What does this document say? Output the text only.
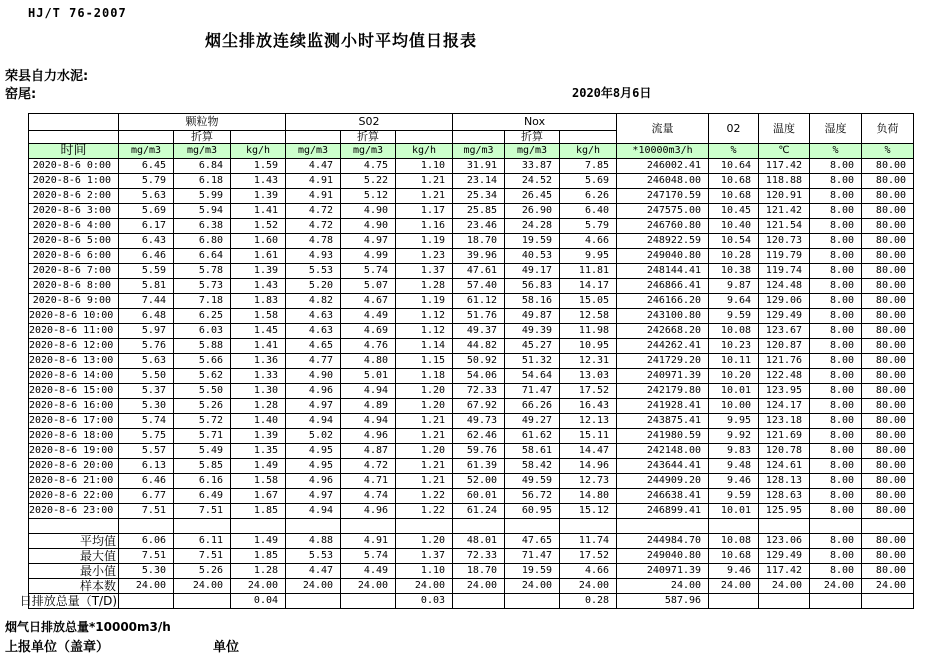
HJ/T 76-2007
烟尘排放连续监测小时平均值日报表
荣县自力水泥:
窑尾:	2020年8月6日
	颗粒物			S02			Nox			流量	02	温度	湿度	负荷
		折算			折算			折算						
时间	mg/m3	mg/m3	kg/h	mg/m3	mg/m3	kg/h	mg/m3	mg/m3	kg/h	*10000m3/h	%	℃	%	%
2020-8-6 0:00	6.45	6.84	1.59	4.47	4.75	1.10	31.91	33.87	7.85	246002.41	10.64	117.42	8.00	80.00
2020-8-6 1:00	5.79	6.18	1.43	4.91	5.22	1.21	23.14	24.52	5.69	246048.00	10.68	118.88	8.00	80.00
2020-8-6 2:00	5.63	5.99	1.39	4.91	5.12	1.21	25.34	26.45	6.26	247170.59	10.68	120.91	8.00	80.00
2020-8-6 3:00	5.69	5.94	1.41	4.72	4.90	1.17	25.85	26.90	6.40	247575.00	10.45	121.42	8.00	80.00
2020-8-6 4:00	6.17	6.38	1.52	4.72	4.90	1.16	23.46	24.28	5.79	246760.80	10.40	121.54	8.00	80.00
2020-8-6 5:00	6.43	6.80	1.60	4.78	4.97	1.19	18.70	19.59	4.66	248922.59	10.54	120.73	8.00	80.00
2020-8-6 6:00	6.46	6.64	1.61	4.93	4.99	1.23	39.96	40.53	9.95	249040.80	10.28	119.79	8.00	80.00
2020-8-6 7:00	5.59	5.78	1.39	5.53	5.74	1.37	47.61	49.17	11.81	248144.41	10.38	119.74	8.00	80.00
2020-8-6 8:00	5.81	5.73	1.43	5.20	5.07	1.28	57.40	56.83	14.17	246866.41	9.87	124.48	8.00	80.00
2020-8-6 9:00	7.44	7.18	1.83	4.82	4.67	1.19	61.12	58.16	15.05	246166.20	9.64	129.06	8.00	80.00
2020-8-6 10:00	6.48	6.25	1.58	4.63	4.49	1.12	51.76	49.87	12.58	243100.80	9.59	129.49	8.00	80.00
2020-8-6 11:00	5.97	6.03	1.45	4.63	4.69	1.12	49.37	49.39	11.98	242668.20	10.08	123.67	8.00	80.00
2020-8-6 12:00	5.76	5.88	1.41	4.65	4.76	1.14	44.82	45.27	10.95	244262.41	10.23	120.87	8.00	80.00
2020-8-6 13:00	5.63	5.66	1.36	4.77	4.80	1.15	50.92	51.32	12.31	241729.20	10.11	121.76	8.00	80.00
2020-8-6 14:00	5.50	5.62	1.33	4.90	5.01	1.18	54.06	54.64	13.03	240971.39	10.20	122.48	8.00	80.00
2020-8-6 15:00	5.37	5.50	1.30	4.96	4.94	1.20	72.33	71.47	17.52	242179.80	10.01	123.95	8.00	80.00
2020-8-6 16:00	5.30	5.26	1.28	4.97	4.89	1.20	67.92	66.26	16.43	241928.41	10.00	124.17	8.00	80.00
2020-8-6 17:00	5.74	5.72	1.40	4.94	4.94	1.21	49.73	49.27	12.13	243875.41	9.95	123.18	8.00	80.00
2020-8-6 18:00	5.75	5.71	1.39	5.02	4.96	1.21	62.46	61.62	15.11	241980.59	9.92	121.69	8.00	80.00
2020-8-6 19:00	5.57	5.49	1.35	4.95	4.87	1.20	59.76	58.61	14.47	242148.00	9.83	120.78	8.00	80.00
2020-8-6 20:00	6.13	5.85	1.49	4.95	4.72	1.21	61.39	58.42	14.96	243644.41	9.48	124.61	8.00	80.00
2020-8-6 21:00	6.46	6.16	1.58	4.96	4.71	1.21	52.00	49.59	12.73	244909.20	9.46	128.13	8.00	80.00
2020-8-6 22:00	6.77	6.49	1.67	4.97	4.74	1.22	60.01	56.72	14.80	246638.41	9.59	128.63	8.00	80.00
2020-8-6 23:00	7.51	7.51	1.85	4.94	4.96	1.22	61.24	60.95	15.12	246899.41	10.01	125.95	8.00	80.00

平均值	6.06	6.11	1.49	4.88	4.91	1.20	48.01	47.65	11.74	244984.70	10.08	123.06	8.00	80.00
最大值	7.51	7.51	1.85	5.53	5.74	1.37	72.33	71.47	17.52	249040.80	10.68	129.49	8.00	80.00
最小值	5.30	5.26	1.28	4.47	4.49	1.10	18.70	19.59	4.66	240971.39	9.46	117.42	8.00	80.00
样本数	24.00	24.00	24.00	24.00	24.00	24.00	24.00	24.00	24.00	24.00	24.00	24.00	24.00	24.00

日排放总量（T/D)			0.04			0.03			0.28	587.96				
烟气日排放总量*10000m3/h
上报单位（盖章）	单位
